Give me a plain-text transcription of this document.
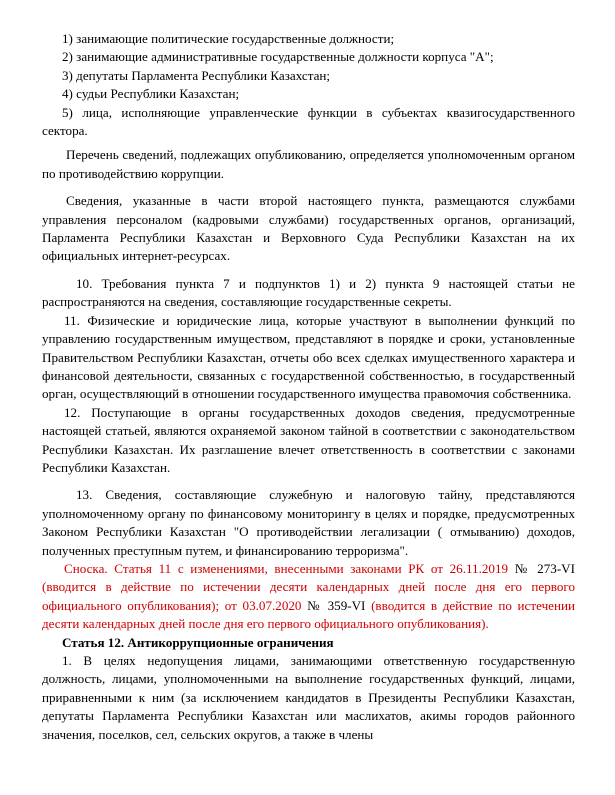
1) занимающие политические государственные должности;

2) занимающие административные государственные должности корпуса "А";

3) депутаты Парламента Республики Казахстан;

4) судьи Республики Казахстан;

5) лица, исполняющие управленческие функции в субъектах квазигосударственного сектора.

Перечень сведений, подлежащих опубликованию, определяется уполномоченным органом по противодействию коррупции.

Сведения, указанные в части второй настоящего пункта, размещаются службами управления персоналом (кадровыми службами) государственных органов, организаций, Парламента Республики Казахстан и Верховного Суда Республики Казахстан на их официальных интернет-ресурсах.

10. Требования пункта 7 и подпунктов 1) и 2) пункта 9 настоящей статьи не распространяются на сведения, составляющие государственные секреты.

11. Физические и юридические лица, которые участвуют в выполнении функций по управлению государственным имуществом, представляют в порядке и сроки, установленные Правительством Республики Казахстан, отчеты обо всех сделках имущественного характера и финансовой деятельности, связанных с государственной собственностью, в государственный орган, осуществляющий в отношении государственного имущества правомочия собственника.

12. Поступающие в органы государственных доходов сведения, предусмотренные настоящей статьей, являются охраняемой законом тайной в соответствии с законодательством Республики Казахстан. Их разглашение влечет ответственность в соответствии с законами Республики Казахстан.

13. Сведения, составляющие служебную и налоговую тайну, представляются уполномоченному органу по финансовому мониторингу в целях и порядке, предусмотренных Законом Республики Казахстан "О противодействии легализации ( отмыванию) доходов, полученных преступным путем, и финансированию терроризма".

Сноска. Статья 11 с изменениями, внесенными законами РК от 26.11.2019 № 273-VI (вводится в действие по истечении десяти календарных дней после дня его первого официального опубликования); от 03.07.2020 № 359-VI (вводится в действие по истечении десяти календарных дней после дня его первого официального опубликования).

Статья 12. Антикоррупционные ограничения

1. В целях недопущения лицами, занимающими ответственную государственную должность, лицами, уполномоченными на выполнение государственных функций, лицами, приравненными к ним (за исключением кандидатов в Президенты Республики Казахстан, депутаты Парламента Республики Казахстан или маслихатов, акимы городов районного значения, поселков, сел, сельских округов, а также в члены
